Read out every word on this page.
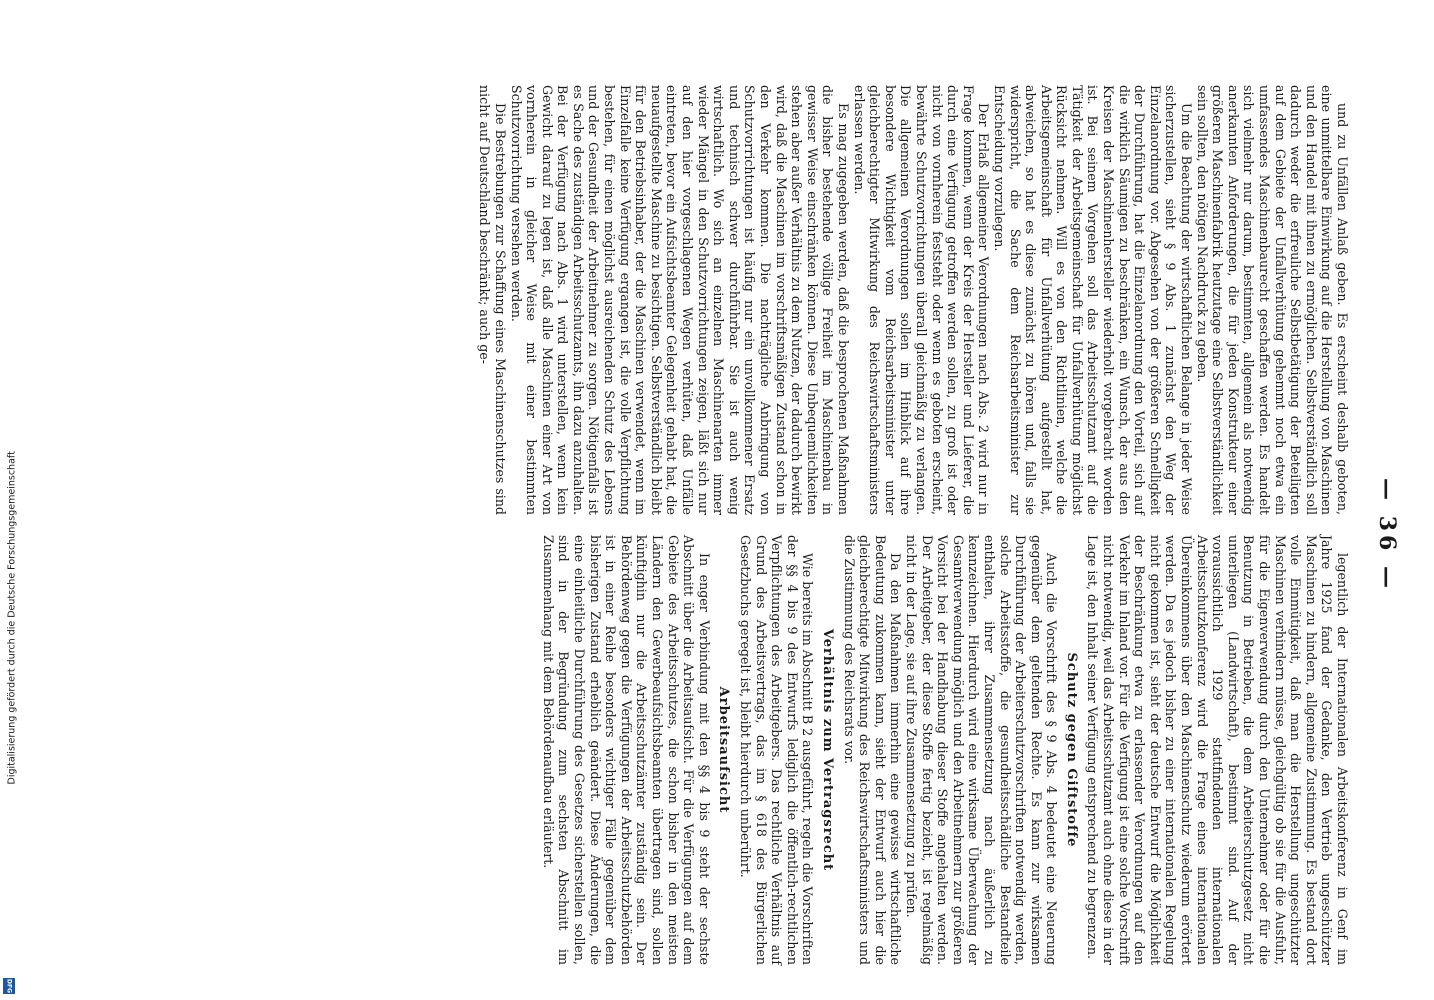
Digitalisierung gefördert durch die Deutsche Forschungsgemeinschaft
DFG
— 36 —

und zu Unfällen Anlaß geben. Es erscheint deshalb geboten, eine unmittelbare Einwirkung auf die Herstellung von Maschinen und den Handel mit ihnen zu ermöglichen. Selbstverständlich soll dadurch weder die erfreuliche Selbstbetätigung der Beteiligten auf dem Gebiete der Unfallverhütung gehemmt noch etwa ein umfassendes Maschinenbaurecht geschaffen werden. Es handelt sich vielmehr nur darum, bestimmten, allgemein als notwendig anerkannten Anforderungen, die für jeden Konstrukteur einer größeren Maschinenfabrik heutzutage eine Selbstverständlichkeit sein sollten, den nötigen Nachdruck zu geben.

Um die Beachtung der wirtschaftlichen Belange in jeder Weise sicherzustellen, sieht § 9 Abs. 1 zunächst den Weg der Einzelanordnung vor. Abgesehen von der größeren Schnelligkeit der Durchführung, hat die Einzelanordnung den Vorteil, sich auf die wirklich Säumigen zu beschränken, ein Wunsch, der aus den Kreisen der Maschinenhersteller wiederholt vorgebracht worden ist. Bei seinem Vorgehen soll das Arbeitsschutzamt auf die Tätigkeit der Arbeitsgemeinschaft für Unfallverhütung möglichst Rücksicht nehmen. Will es von den Richtlinien, welche die Arbeitsgemeinschaft für Unfallverhütung aufgestellt hat, abweichen, so hat es diese zunächst zu hören und, falls sie widerspricht, die Sache dem Reichsarbeitsminister zur Entscheidung vorzulegen.

Der Erlaß allgemeiner Verordnungen nach Abs. 2 wird nur in Frage kommen, wenn der Kreis der Hersteller und Lieferer, die durch eine Verfügung getroffen werden sollen, zu groß ist oder nicht von vornherein feststeht oder wenn es geboten erscheint, bewährte Schutzvorrichtungen überall gleichmäßig zu verlangen. Die allgemeinen Verordnungen sollen im Hinblick auf ihre besondere Wichtigkeit vom Reichsarbeitsminister unter gleichberechtigter Mitwirkung des Reichswirtschaftsministers erlassen werden.

Es mag zugegeben werden, daß die besprochenen Maßnahmen die bisher bestehende völlige Freiheit im Maschinenbau in gewisser Weise einschränken können. Diese Unbequemlichkeiten stehen aber außer Verhältnis zu dem Nutzen, der dadurch bewirkt wird, daß die Maschinen im vorschriftsmäßigen Zustand schon in den Verkehr kommen. Die nachträgliche Anbringung von Schutzvorrichtungen ist häufig nur ein unvollkommener Ersatz und technisch schwer durchführbar. Sie ist auch wenig wirtschaftlich. Wo sich an einzelnen Maschinenarten immer wieder Mängel in den Schutzvorrichtungen zeigen, läßt sich nur auf den hier vorgeschlagenen Wegen verhüten, daß Unfälle eintreten, bevor ein Aufsichtsbeamter Gelegenheit gehabt hat, die neuaufgestellte Maschine zu besichtigen. Selbstverständlich bleibt für den Betriebsinhaber, der die Maschinen verwendet, wenn im Einzelfalle keine Verfügung ergangen ist, die volle Verpflichtung bestehen, für einen möglichst ausreichenden Schutz des Lebens und der Gesundheit der Arbeitnehmer zu sorgen. Nötigenfalls ist es Sache des zuständigen Arbeitsschutzamts, ihn dazu anzuhalten. Bei der Verfügung nach Abs. 1 wird unterstellen, wenn kein Gewicht darauf zu legen ist, daß alle Maschinen einer Art von vornherein in gleicher Weise mit einer bestimmten Schutzvorrichtung versehen werden.

Die Bestrebungen zur Schaffung eines Maschinenschutzes sind nicht auf Deutschland beschränkt; auch ge-

legentlich der Internationalen Arbeitskonferenz in Genf im Jahre 1925 fand der Gedanke, den Vertrieb ungeschützter Maschinen zu hindern, allgemeine Zustimmung. Es bestand dort volle Einmütigkeit, daß man die Herstellung ungeschützter Maschinen verhindern müsse, gleichgültig ob sie für die Ausfuhr, für die Eigenverwendung durch den Unternehmer oder für die Benutzung in Betrieben, die dem Arbeiterschutzgesetz nicht unterliegen (Landwirtschaft), bestimmt sind. Auf der voraussichtlich 1929 stattfindenden internationalen Arbeitsschutzkonferenz wird die Frage eines internationalen Übereinkommens über den Maschinenschutz wiederum erörtert werden. Da es jedoch bisher zu einer internationalen Regelung nicht gekommen ist, sieht der deutsche Entwurf die Möglichkeit der Beschränkung etwa zu erlassender Verordnungen auf den Verkehr im Inland vor. Für die Verfügung ist eine solche Vorschrift nicht notwendig, weil das Arbeitsschutzamt auch ohne diese in der Lage ist, den Inhalt seiner Verfügung entsprechend zu begrenzen.

Schutz gegen Giftstoffe

Auch die Vorschrift des § 9 Abs. 4 bedeutet eine Neuerung gegenüber dem geltenden Rechte. Es kann zur wirksamen Durchführung der Arbeiterschutzvorschriften notwendig werden, solche Arbeitsstoffe, die gesundheitsschädliche Bestandteile enthalten, ihrer Zusammensetzung nach äußerlich zu kennzeichnen. Hierdurch wird eine wirksame Überwachung der Gesamtverwendung möglich und den Arbeitnehmern zur größeren Vorsicht bei der Handhabung dieser Stoffe angehalten werden. Der Arbeitgeber, der diese Stoffe fertig bezieht, ist regelmäßig nicht in der Lage, sie auf ihre Zusammensetzung zu prüfen.

Da den Maßnahmen immerhin eine gewisse wirtschaftliche Bedeutung zukommen kann, sieht der Entwurf auch hier die gleichberechtigte Mitwirkung des Reichswirtschaftsministers und die Zustimmung des Reichsrats vor.

Verhältnis zum Vertragsrecht

Wie bereits im Abschnitt B 2 ausgeführt, regeln die Vorschriften der §§ 4 bis 9 des Entwurfs lediglich die öffentlich-rechtlichen Verpflichtungen des Arbeitgebers. Das rechtliche Verhältnis auf Grund des Arbeitsvertrags, das im § 618 des Bürgerlichen Gesetzbuchs geregelt ist, bleibt hierdurch unberührt.

Arbeitsaufsicht

In enger Verbindung mit den §§ 4 bis 9 steht der sechste Abschnitt über die Arbeitsaufsicht. Für die Verfügungen auf dem Gebiete des Arbeitsschutzes, die schon bisher in den meisten Ländern den Gewerbeaufsichtsbeamten übertragen sind, sollen künftighin nur die Arbeitsschutzämter zuständig sein. Der Behördenweg gegen die Verfügungen der Arbeitsschutzbehörden ist in einer Reihe besonders wichtiger Fälle gegenüber dem bisherigen Zustand erheblich geändert. Diese Änderungen, die eine einheitliche Durchführung des Gesetzes sicherstellen sollen, sind in der Begründung zum sechsten Abschnitt im Zusammenhang mit dem Behördenaufbau erläutert.
